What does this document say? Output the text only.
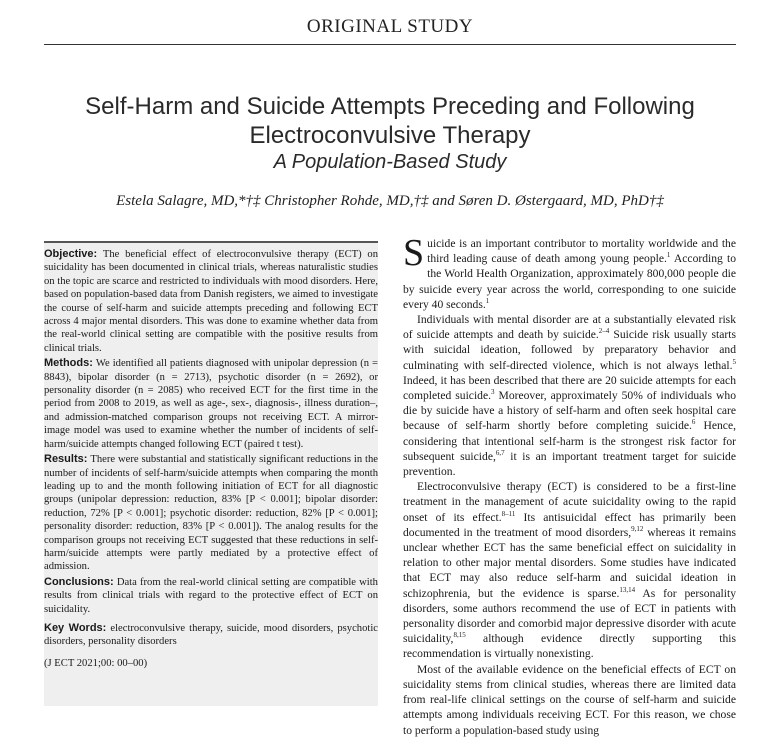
ORIGINAL STUDY
Self-Harm and Suicide Attempts Preceding and Following
Electroconvulsive Therapy
A Population-Based Study
Estela Salagre, MD,*†‡ Christopher Rohde, MD,†‡ and Søren D. Østergaard, MD, PhD†‡

Objective: The beneficial effect of electroconvulsive therapy (ECT) on suicidality has been documented in clinical trials, whereas naturalistic studies on the topic are scarce and restricted to individuals with mood disorders. Here, based on population-based data from Danish registers, we aimed to investigate the course of self-harm and suicide attempts preceding and following ECT across 4 major mental disorders. This was done to examine whether data from the real-world clinical setting are compatible with the positive results from clinical trials.

Methods: We identified all patients diagnosed with unipolar depression (n = 8843), bipolar disorder (n = 2713), psychotic disorder (n = 2692), or personality disorder (n = 2085) who received ECT for the first time in the period from 2008 to 2019, as well as age-, sex-, diagnosis-, illness duration–, and admission-matched comparison groups not receiving ECT. A mirror-image model was used to examine whether the number of incidents of self-harm/suicide attempts changed following ECT (paired t test).

Results: There were substantial and statistically significant reductions in the number of incidents of self-harm/suicide attempts when comparing the month leading up to and the month following initiation of ECT for all diagnostic groups (unipolar depression: reduction, 83% [P < 0.001]; bipolar disorder: reduction, 72% [P < 0.001]; psychotic disorder: reduction, 82% [P < 0.001]; personality disorder: reduction, 83% [P < 0.001]). The analog results for the comparison groups not receiving ECT suggested that these reductions in self-harm/suicide attempts were partly mediated by a protective effect of admission.

Conclusions: Data from the real-world clinical setting are compatible with results from clinical trials with regard to the protective effect of ECT on suicidality.

Key Words: electroconvulsive therapy, suicide, mood disorders, psychotic disorders, personality disorders

(J ECT 2021;00: 00–00)

Suicide is an important contributor to mortality worldwide and the third leading cause of death among young people.$^1$ According to the World Health Organization, approximately 800,000 people die by suicide every year across the world, corresponding to one suicide every 40 seconds.$^1$

Individuals with mental disorder are at a substantially elevated risk of suicide attempts and death by suicide.$^{2-4}$ Suicide risk usually starts with suicidal ideation, followed by preparatory behavior and culminating with self-directed violence, which is not always lethal.$^5$ Indeed, it has been described that there are 20 suicide attempts for each completed suicide.$^3$ Moreover, approximately 50% of individuals who die by suicide have a history of self-harm and often seek hospital care because of self-harm shortly before completing suicide.$^6$ Hence, considering that intentional self-harm is the strongest risk factor for subsequent suicide,$^{6,7}$ it is an important treatment target for suicide prevention.

Electroconvulsive therapy (ECT) is considered to be a first-line treatment in the management of acute suicidality owing to the rapid onset of its effect.$^{8-11}$ Its antisuicidal effect has primarily been documented in the treatment of mood disorders,$^{9,12}$ whereas it remains unclear whether ECT has the same beneficial effect on suicidality in relation to other major mental disorders. Some studies have indicated that ECT may also reduce self-harm and suicidal ideation in schizophrenia, but the evidence is sparse.$^{13,14}$ As for personality disorders, some authors recommend the use of ECT in patients with personality disorder and comorbid major depressive disorder with acute suicidality,$^{8,15}$ although evidence directly supporting this recommendation is virtually nonexisting.

Most of the available evidence on the beneficial effects of ECT on suicidality stems from clinical studies, whereas there are limited data from real-life clinical settings on the course of self-harm and suicide attempts among individuals receiving ECT. For this reason, we chose to perform a population-based study using
